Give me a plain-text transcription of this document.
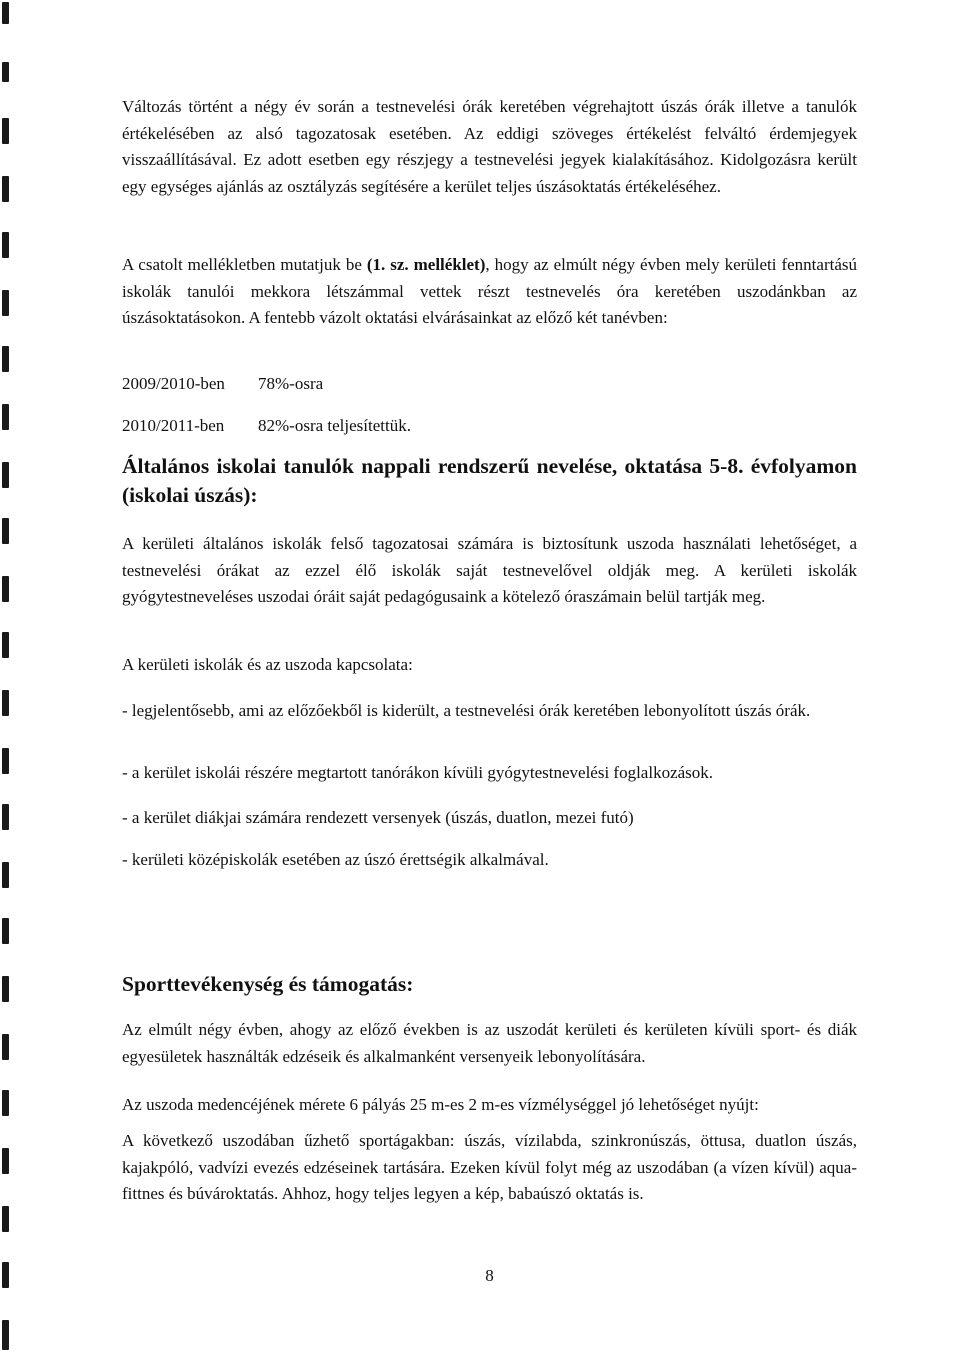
Változás történt a négy év során a testnevelési órák keretében végrehajtott úszás órák illetve a tanulók értékelésében az alsó tagozatosak esetében. Az eddigi szöveges értékelést felváltó érdemjegyek visszaállításával. Ez adott esetben egy részjegy a testnevelési jegyek kialakításához. Kidolgozásra került egy egységes ajánlás az osztályzás segítésére a kerület teljes úszásoktatás értékeléséhez.

A csatolt mellékletben mutatjuk be (1. sz. melléklet), hogy az elmúlt négy évben mely kerületi fenntartású iskolák tanulói mekkora létszámmal vettek részt testnevelés óra keretében uszodánkban az úszásoktatásokon. A fentebb vázolt oktatási elvárásainkat az előző két tanévben:

2009/2010-ben	78%-osra
2010/2011-ben	82%-osra teljesítettük.
Általános iskolai tanulók nappali rendszerű nevelése, oktatása 5-8. évfolyamon (iskolai úszás):

A kerületi általános iskolák felső tagozatosai számára is biztosítunk uszoda használati lehetőséget, a testnevelési órákat az ezzel élő iskolák saját testnevelővel oldják meg. A kerületi iskolák gyógytestneveléses uszodai óráit saját pedagógusaink a kötelező óraszámain belül tartják meg.

A kerületi iskolák és az uszoda kapcsolata:

- legjelentősebb, ami az előzőekből is kiderült, a testnevelési órák keretében lebonyolított úszás órák.

- a kerület iskolái részére megtartott tanórákon kívüli gyógytestnevelési foglalkozások.

- a kerület diákjai számára rendezett versenyek (úszás, duatlon, mezei futó)

- kerületi középiskolák esetében az úszó érettségik alkalmával.

Sporttevékenység és támogatás:

Az elmúlt négy évben, ahogy az előző években is az uszodát kerületi és kerületen kívüli sport- és diák egyesületek használták edzéseik és alkalmanként versenyeik lebonyolítására.

Az uszoda medencéjének mérete 6 pályás 25 m-es 2 m-es vízmélységgel jó lehetőséget nyújt:

A következő uszodában űzhető sportágakban: úszás, vízilabda, szinkronúszás, öttusa, duatlon úszás, kajakpóló, vadvízi evezés edzéseinek tartására. Ezeken kívül folyt még az uszodában (a vízen kívül) aqua-fittnes és búvároktatás. Ahhoz, hogy teljes legyen a kép, babaúszó oktatás is.

8
